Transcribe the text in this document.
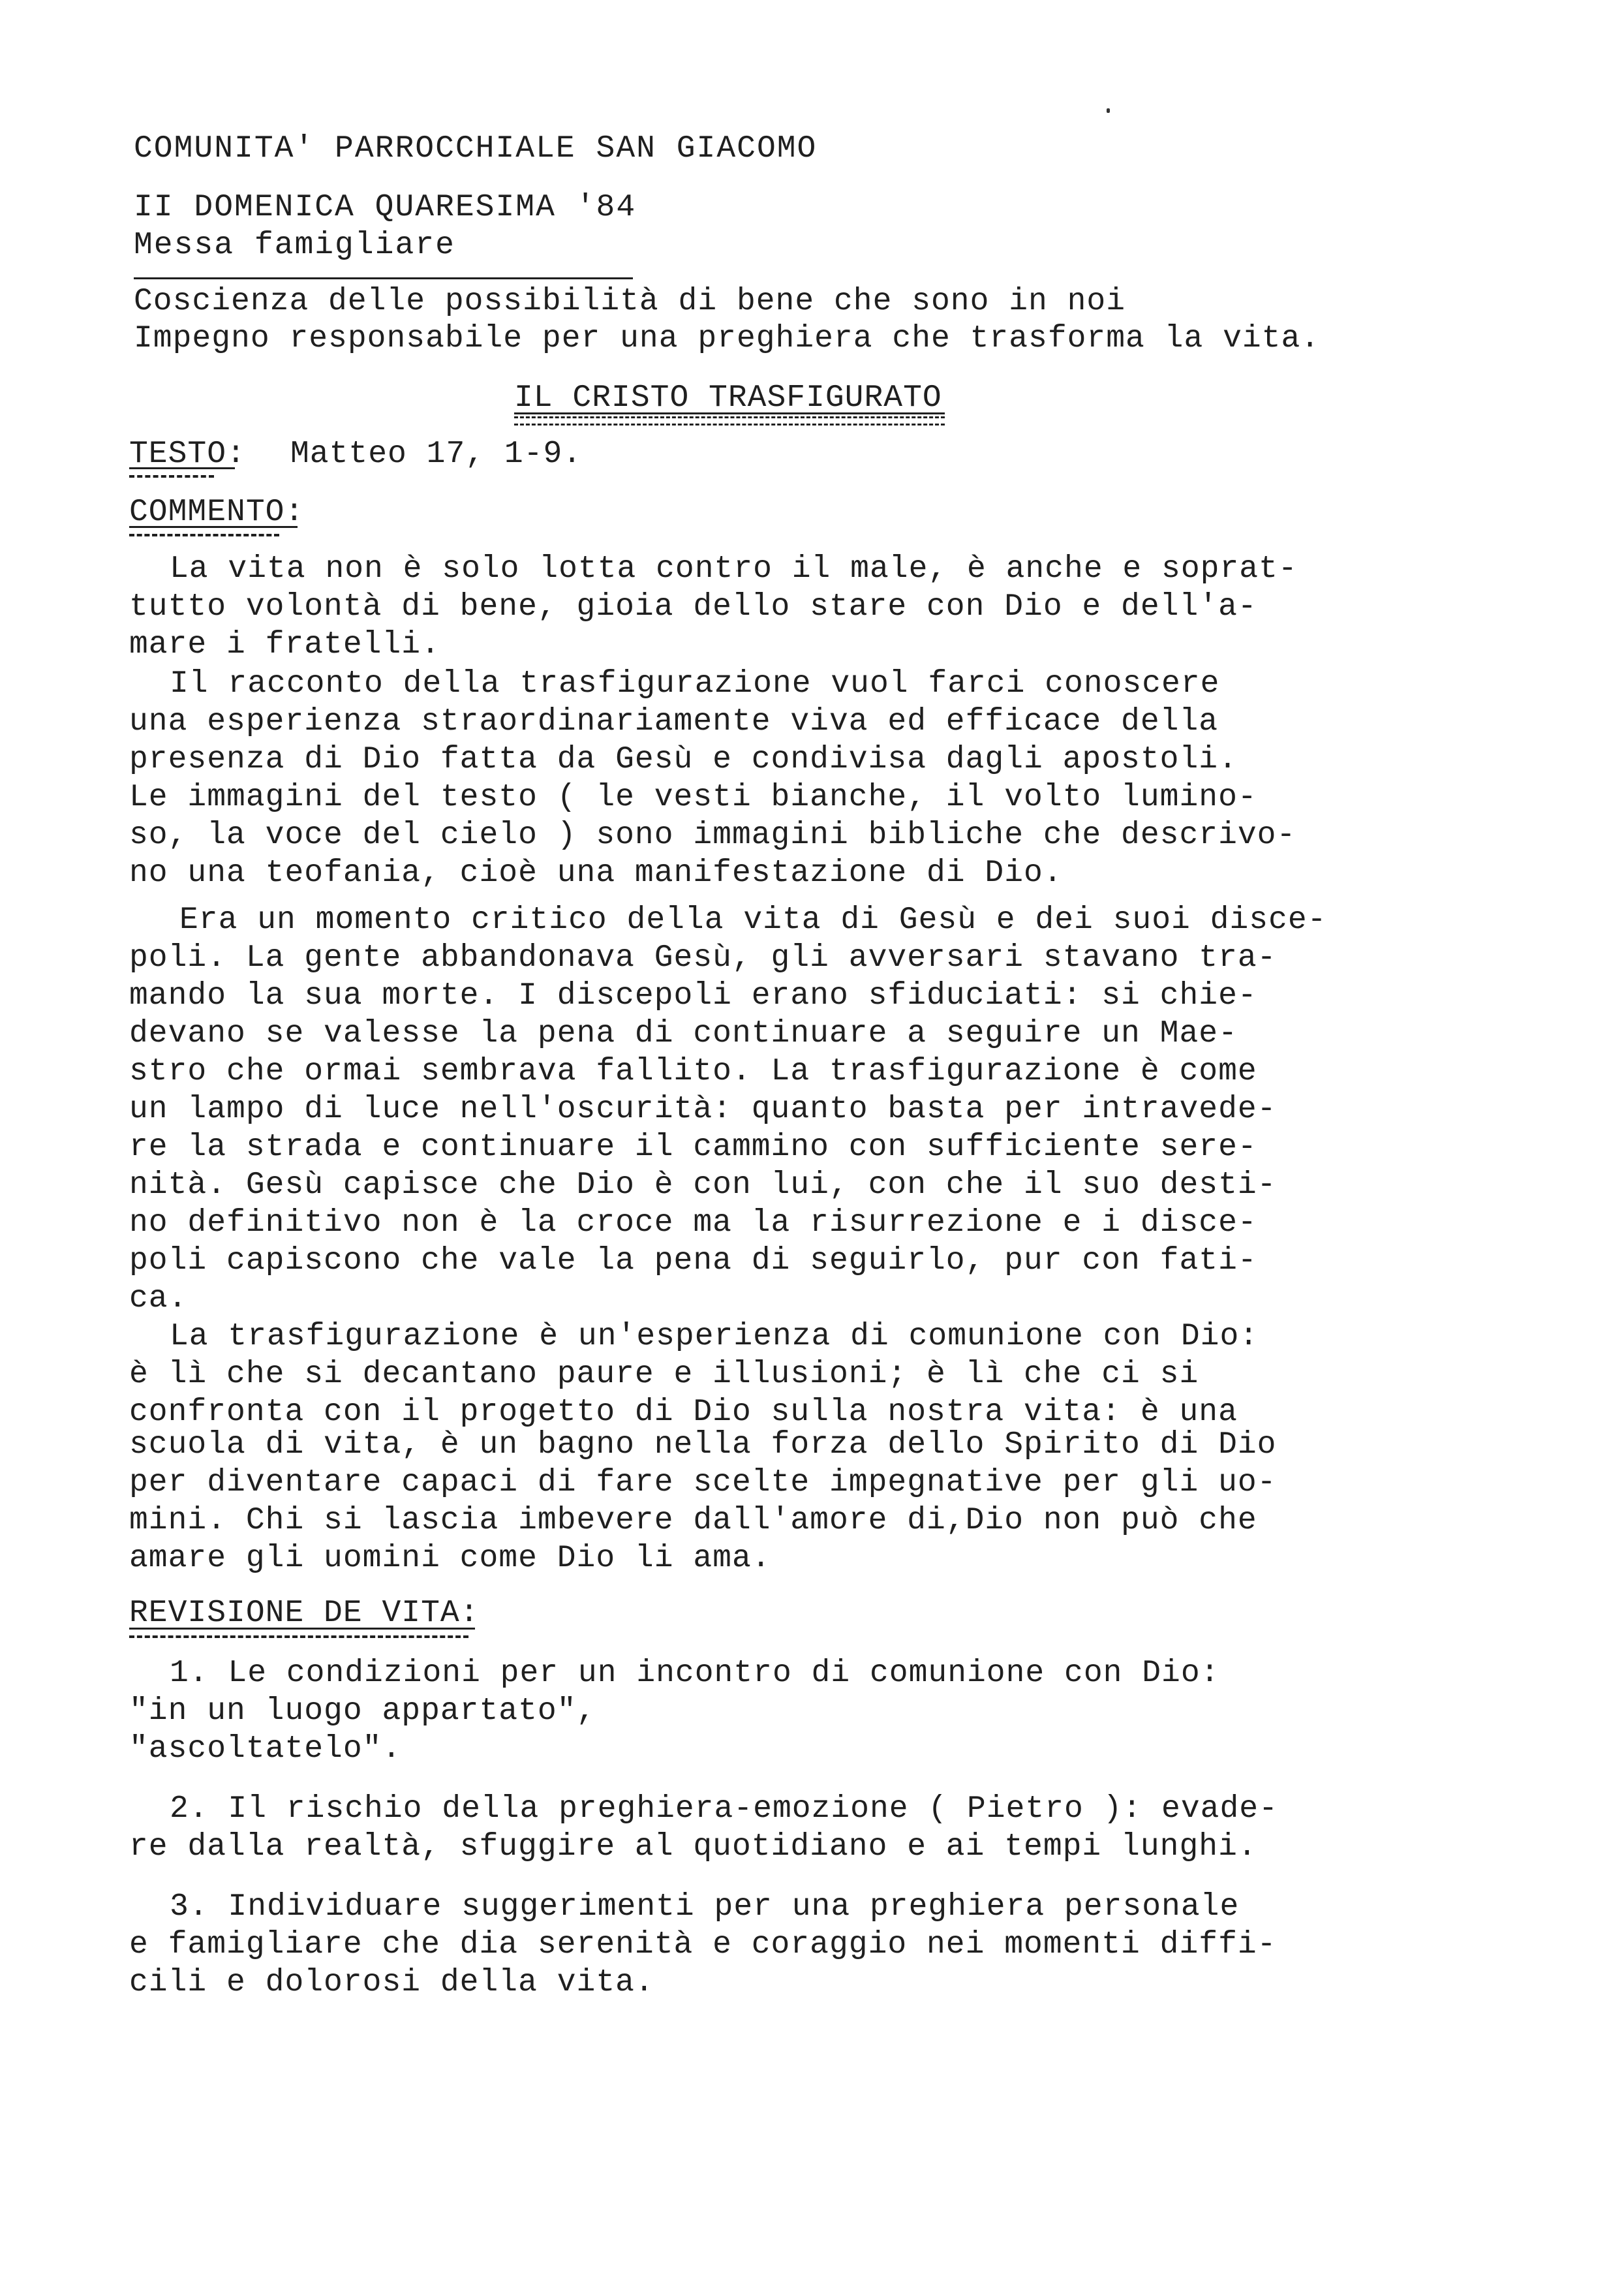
COMUNITA' PARROCCHIALE SAN GIACOMO
II DOMENICA QUARESIMA '84
Messa famigliare
Coscienza delle possibilità di bene che sono in noi
Impegno responsabile per una preghiera che trasforma la vita.
IL CRISTO TRASFIGURATO
TESTO: Matteo 17, 1-9.
COMMENTO:
La vita non è solo lotta contro il male, è anche e soprat-
tutto volontà di bene, gioia dello stare con Dio e dell'a-
mare i fratelli.
Il racconto della trasfigurazione vuol farci conoscere
una esperienza straordinariamente viva ed efficace della
presenza di Dio fatta da Gesù e condivisa dagli apostoli.
Le immagini del testo ( le vesti bianche, il volto lumino-
so, la voce del cielo ) sono immagini bibliche che descrivo-
no una teofania, cioè una manifestazione di Dio.
Era un momento critico della vita di Gesù e dei suoi disce-
poli. La gente abbandonava Gesù, gli avversari stavano tra-
mando la sua morte. I discepoli erano sfiduciati: si chie-
devano se valesse la pena di continuare a seguire un Mae-
stro che ormai sembrava fallito. La trasfigurazione è come
un lampo di luce nell'oscurità: quanto basta per intravede-
re la strada e continuare il cammino con sufficiente sere-
nità. Gesù capisce che Dio è con lui, con che il suo desti-
no definitivo non è la croce ma la risurrezione e i disce-
poli capiscono che vale la pena di seguirlo, pur con fati-
ca.
La trasfigurazione è un'esperienza di comunione con Dio:
è lì che si decantano paure e illusioni; è lì che ci si
confronta con il progetto di Dio sulla nostra vita: è una
scuola di vita, è un bagno nella forza dello Spirito di Dio
per diventare capaci di fare scelte impegnative per gli uo-
mini. Chi si lascia imbevere dall'amore di,Dio non può che
amare gli uomini come Dio li ama.
REVISIONE DE VITA:
1. Le condizioni per un incontro di comunione con Dio:
"in un luogo appartato",
"ascoltatelo".
2. Il rischio della preghiera-emozione ( Pietro ): evade-
re dalla realtà, sfuggire al quotidiano e ai tempi lunghi.
3. Individuare suggerimenti per una preghiera personale
e famigliare che dia serenità e coraggio nei momenti diffi-
cili e dolorosi della vita.
